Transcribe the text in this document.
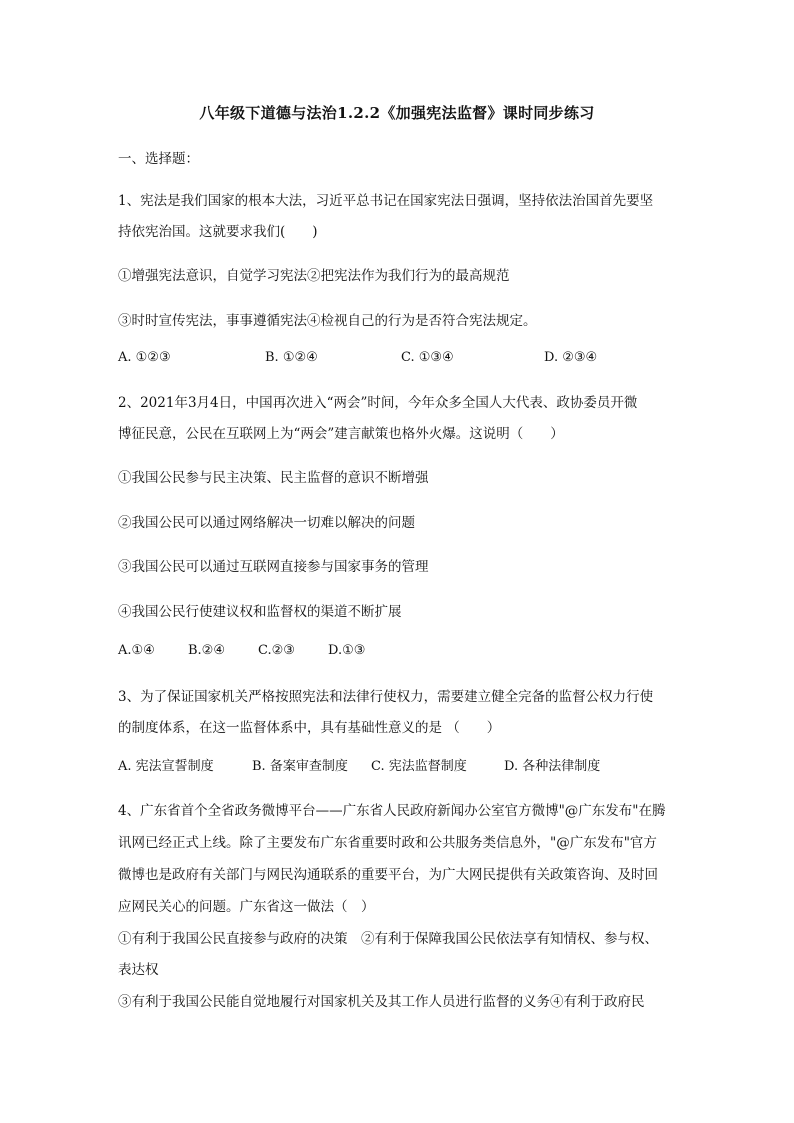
八年级下道德与法治1.2.2《加强宪法监督》课时同步练习
一、选择题：
1、宪法是我们国家的根本大法，习近平总书记在国家宪法日强调，坚持依法治国首先要坚
持依宪治国。这就要求我们(　　)
①增强宪法意识，自觉学习宪法②把宪法作为我们行为的最高规范
③时时宣传宪法，事事遵循宪法④检视自己的行为是否符合宪法规定。
A. ①②③	B. ①②④	C. ①③④	D. ②③④
2、2021年3月4日，中国再次进入“两会”时间，今年众多全国人大代表、政协委员开微
博征民意，公民在互联网上为“两会”建言献策也格外火爆。这说明（　　）
①我国公民参与民主决策、民主监督的意识不断增强
②我国公民可以通过网络解决一切难以解决的问题
③我国公民可以通过互联网直接参与国家事务的管理
④我国公民行使建议权和监督权的渠道不断扩展
A.①④	B.②④	C.②③	D.①③
3、为了保证国家机关严格按照宪法和法律行使权力，需要建立健全完备的监督公权力行使
的制度体系，在这一监督体系中，具有基础性意义的是 （　　）
A. 宪法宣誓制度	B. 备案审查制度 C. 宪法监督制度	D. 各种法律制度
4、广东省首个全省政务微博平台——广东省人民政府新闻办公室官方微博"@广东发布"在腾
讯网已经正式上线。除了主要发布广东省重要时政和公共服务类信息外，"@广东发布"官方
微博也是政府有关部门与网民沟通联系的重要平台，为广大网民提供有关政策咨询、及时回
应网民关心的问题。广东省这一做法（　）
①有利于我国公民直接参与政府的决策　②有利于保障我国公民依法享有知情权、参与权、
表达权
③有利于我国公民能自觉地履行对国家机关及其工作人员进行监督的义务④有利于政府民
